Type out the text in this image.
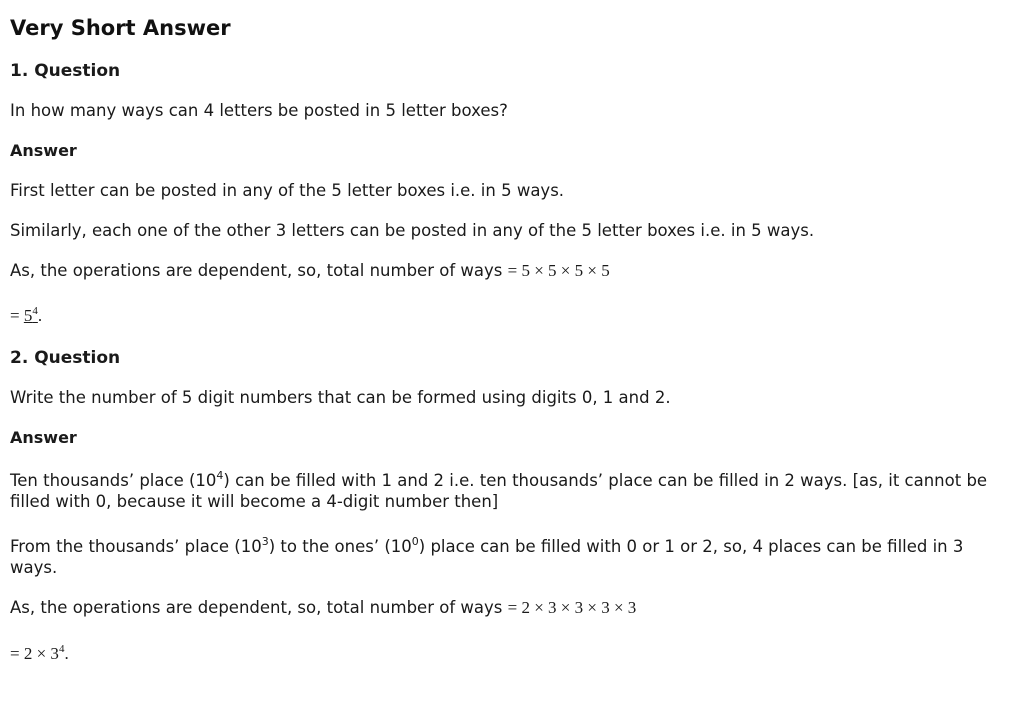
Very Short Answer
1. Question
In how many ways can 4 letters be posted in 5 letter boxes?
Answer
First letter can be posted in any of the 5 letter boxes i.e. in 5 ways.
Similarly, each one of the other 3 letters can be posted in any of the 5 letter boxes i.e. in 5 ways.
As, the operations are dependent, so, total number of ways = 5 × 5 × 5 × 5
= $5^4$.
2. Question
Write the number of 5 digit numbers that can be formed using digits 0, 1 and 2.
Answer
Ten thousands’ place $(10^4)$ can be filled with 1 and 2 i.e. ten thousands’ place can be filled in 2 ways. [as, it cannot be filled with 0, because it will become a 4-digit number then]
From the thousands’ place $(10^3)$ to the ones’ $(10^0)$ place can be filled with 0 or 1 or 2, so, 4 places can be filled in 3 ways.
As, the operations are dependent, so, total number of ways = 2 × 3 × 3 × 3 × 3
= $2 \times 3^4$.
